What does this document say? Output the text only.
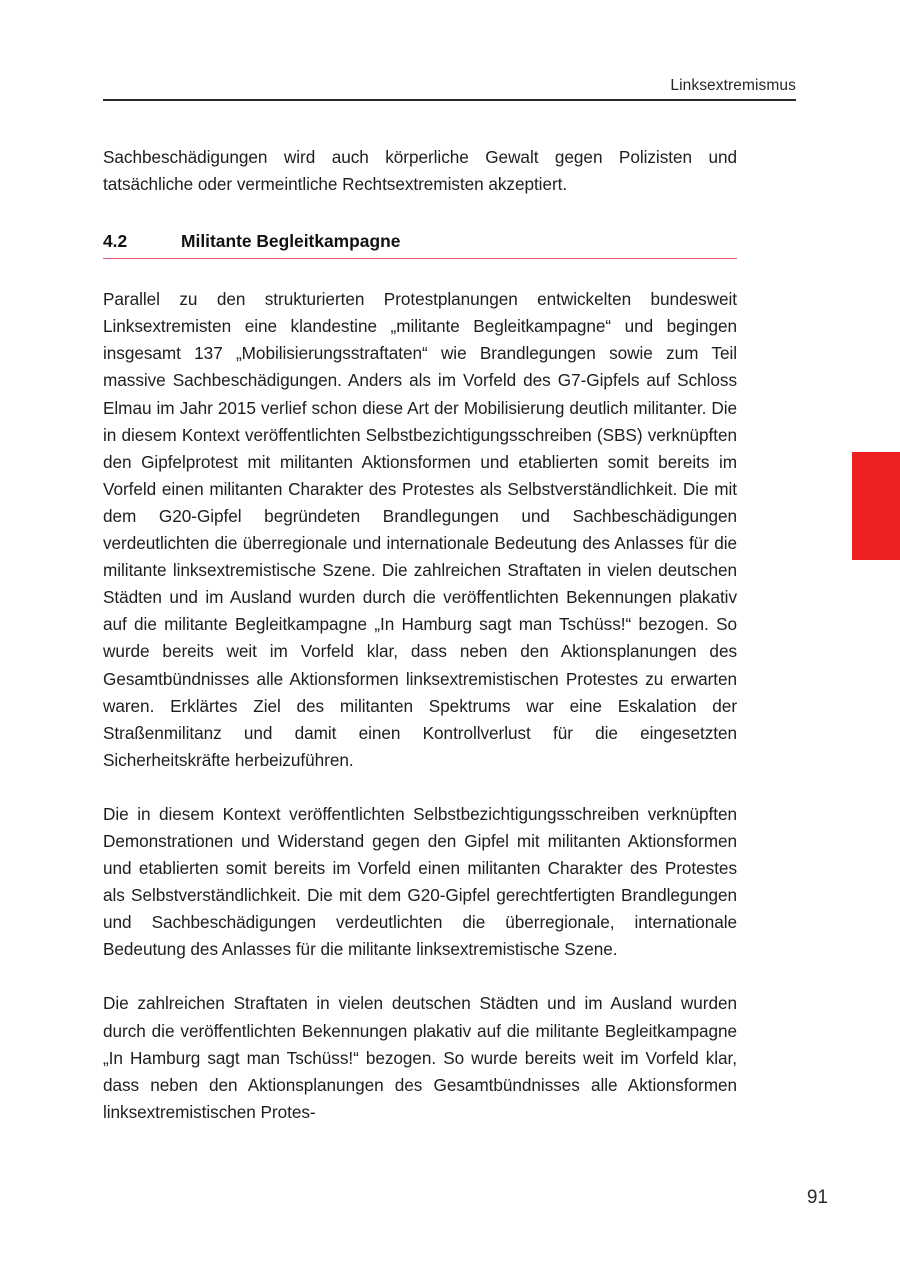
Linksextremismus

Sachbeschädigungen wird auch körperliche Gewalt gegen Polizisten und tatsächliche oder vermeintliche Rechtsextremisten akzeptiert.

4.2	Militante Begleitkampagne

Parallel zu den strukturierten Protestplanungen entwickelten bundesweit Linksextremisten eine klandestine „militante Begleitkampagne“ und begingen insgesamt 137 „Mobilisierungsstraftaten“ wie Brandlegungen sowie zum Teil massive Sachbeschädigungen. Anders als im Vorfeld des G7-Gipfels auf Schloss Elmau im Jahr 2015 verlief schon diese Art der Mobilisierung deutlich militanter. Die in diesem Kontext veröffentlichten Selbstbezichtigungsschreiben (SBS) verknüpften den Gipfelprotest mit militanten Aktionsformen und etablierten somit bereits im Vorfeld einen militanten Charakter des Protestes als Selbstverständlichkeit. Die mit dem G20-Gipfel begründeten Brandlegungen und Sachbeschädigungen verdeutlichten die überregionale und internationale Bedeutung des Anlasses für die militante linksextremistische Szene. Die zahlreichen Straftaten in vielen deutschen Städten und im Ausland wurden durch die veröffentlichten Bekennungen plakativ auf die militante Begleitkampagne „In Hamburg sagt man Tschüss!“ bezogen. So wurde bereits weit im Vorfeld klar, dass neben den Aktionsplanungen des Gesamtbündnisses alle Aktionsformen linksextremistischen Protestes zu erwarten waren. Erklärtes Ziel des militanten Spektrums war eine Eskalation der Straßenmilitanz und damit einen Kontrollverlust für die eingesetzten Sicherheitskräfte herbeizuführen.

Die in diesem Kontext veröffentlichten Selbstbezichtigungsschreiben verknüpften Demonstrationen und Widerstand gegen den Gipfel mit militanten Aktionsformen und etablierten somit bereits im Vorfeld einen militanten Charakter des Protestes als Selbstverständlichkeit. Die mit dem G20-Gipfel gerechtfertigten Brandlegungen und Sachbeschädigungen verdeutlichten die überregionale, internationale Bedeutung des Anlasses für die militante linksextremistische Szene.

Die zahlreichen Straftaten in vielen deutschen Städten und im Ausland wurden durch die veröffentlichten Bekennungen plakativ auf die militante Begleitkampagne „In Hamburg sagt man Tschüss!“ bezogen. So wurde bereits weit im Vorfeld klar, dass neben den Aktionsplanungen des Gesamtbündnisses alle Aktionsformen linksextremistischen Protes-

91
